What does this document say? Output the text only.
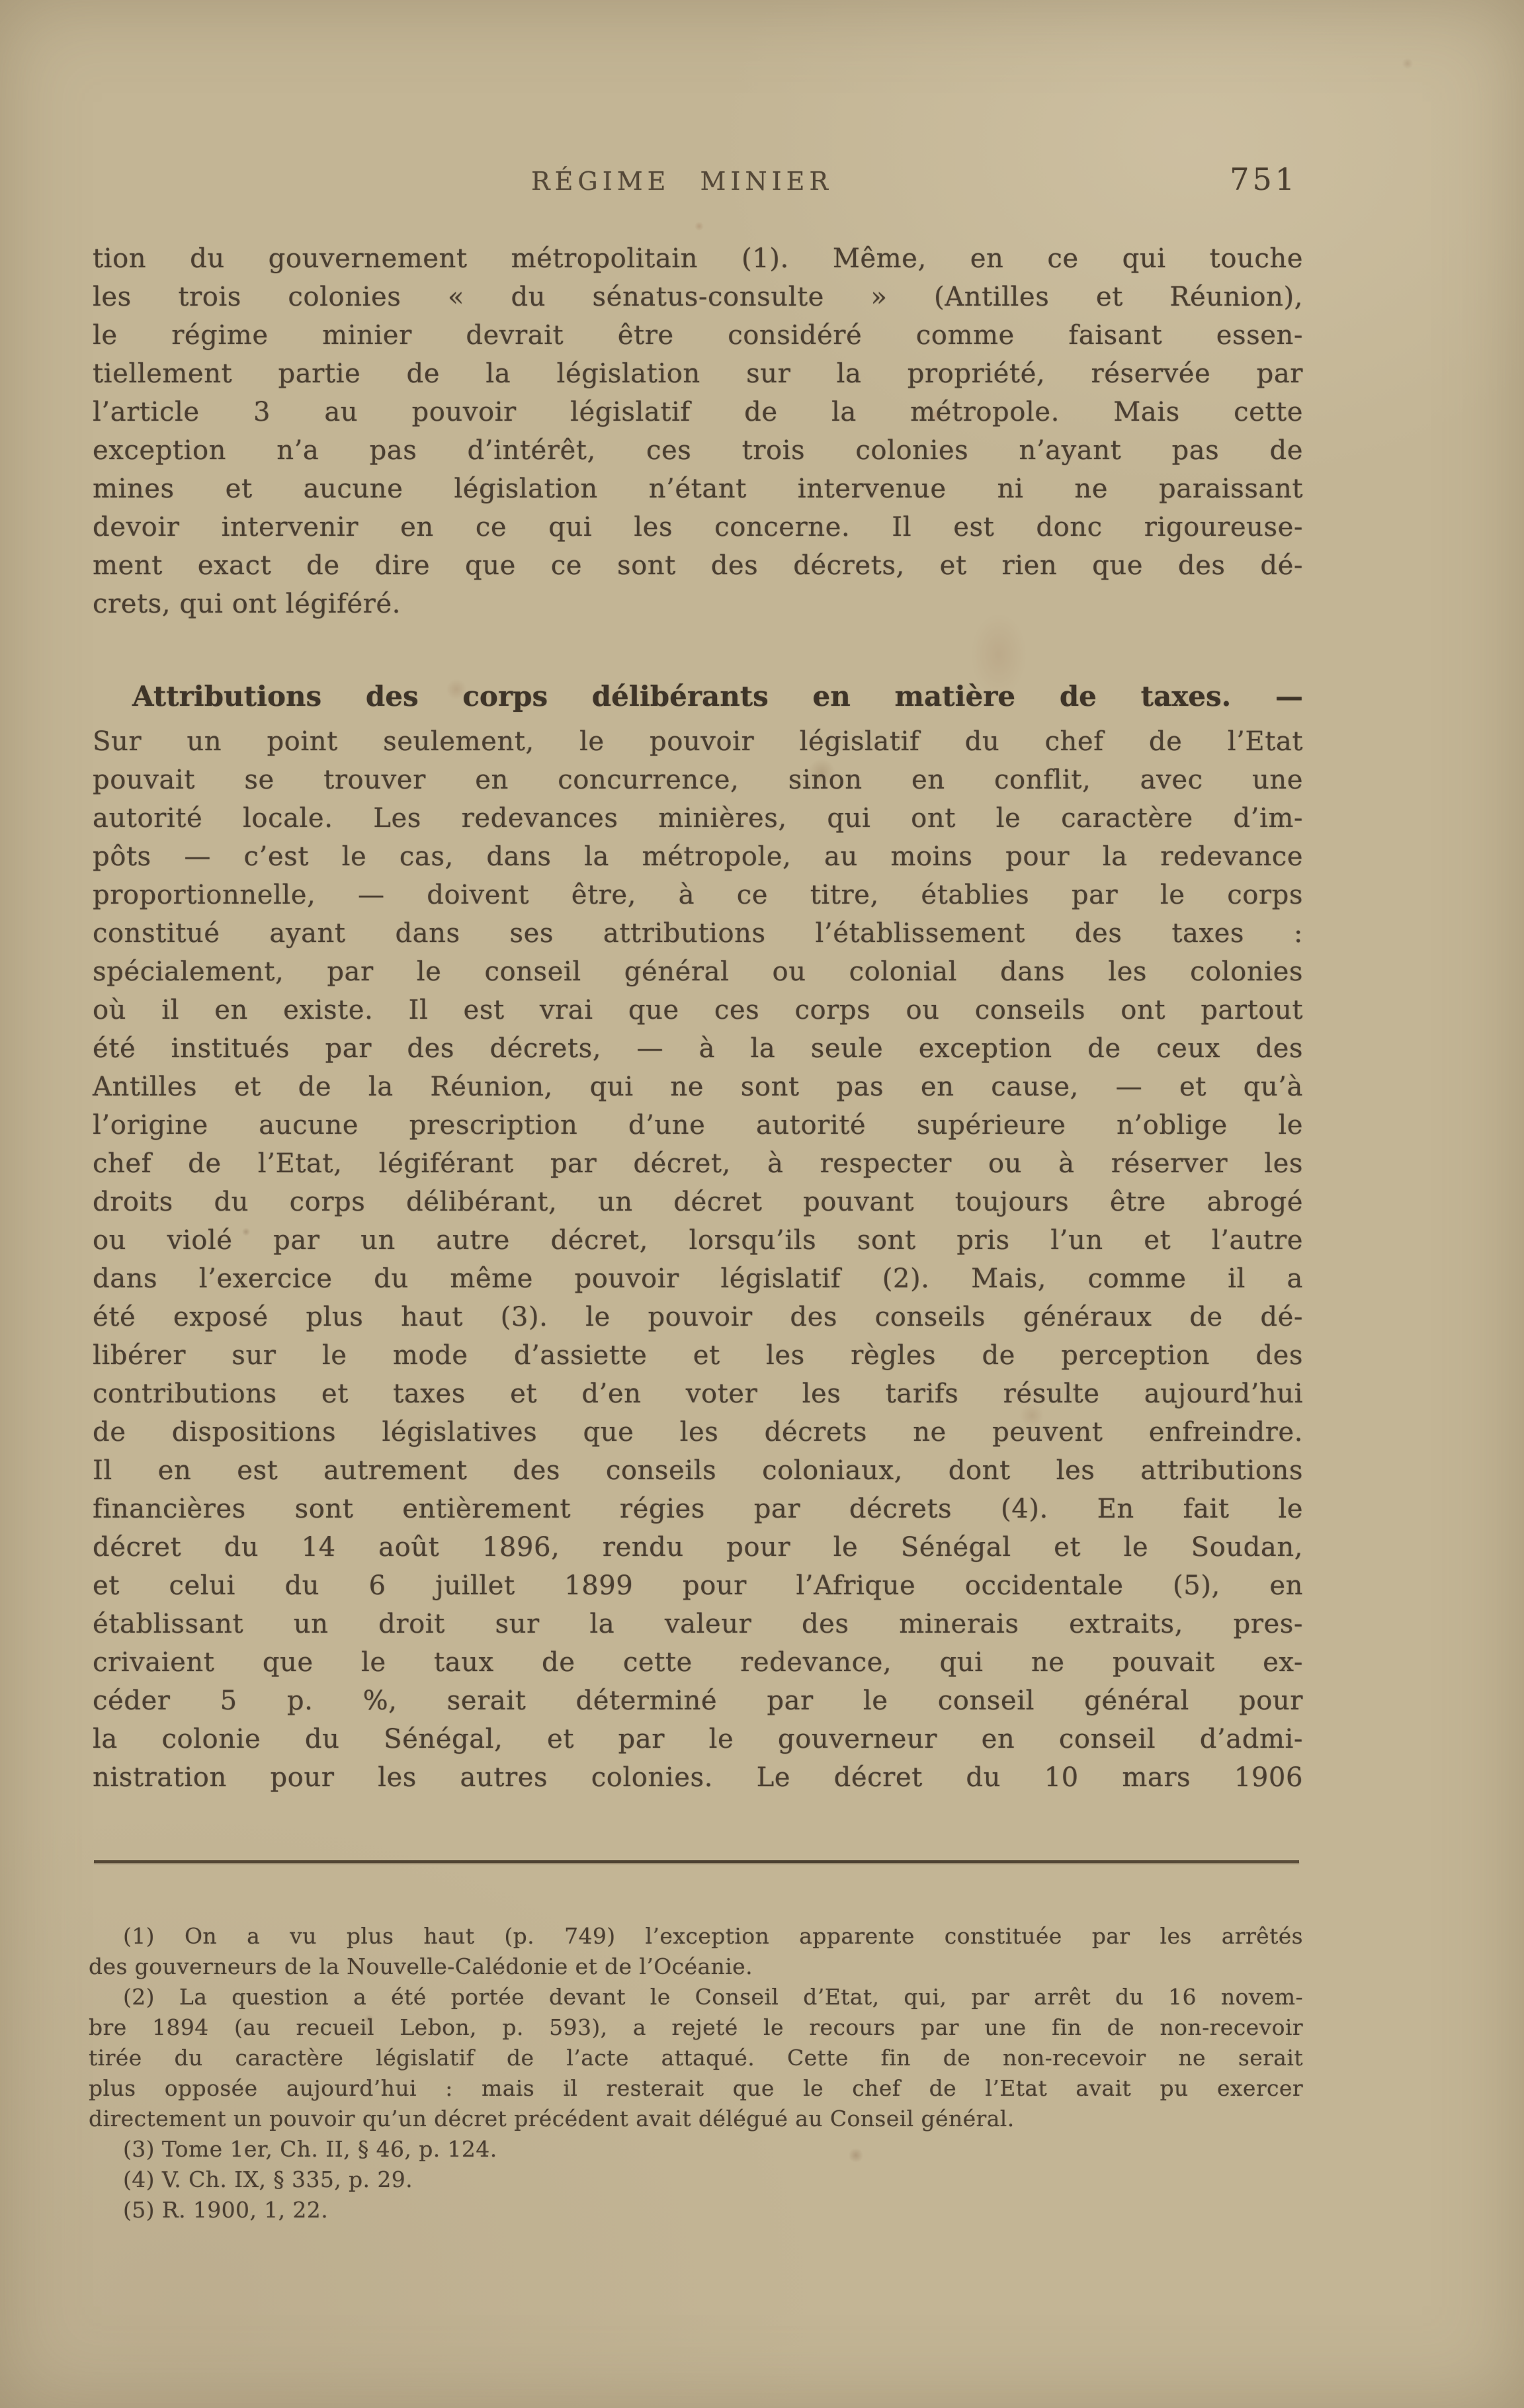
RÉGIME MINIER	751
tion du gouvernement métropolitain (1). Même, en ce qui touche
les trois colonies « du sénatus-consulte » (Antilles et Réunion),
le régime minier devrait être considéré comme faisant essen-
tiellement partie de la législation sur la propriété, réservée par
l’article 3 au pouvoir législatif de la métropole. Mais cette
exception n’a pas d’intérêt, ces trois colonies n’ayant pas de
mines et aucune législation n’étant intervenue ni ne paraissant
devoir intervenir en ce qui les concerne. Il est donc rigoureuse-
ment exact de dire que ce sont des décrets, et rien que des dé-
crets, qui ont légiféré.
Attributions des corps délibérants en matière de taxes. —
Sur un point seulement, le pouvoir législatif du chef de l’Etat
pouvait se trouver en concurrence, sinon en conflit, avec une
autorité locale. Les redevances minières, qui ont le caractère d’im-
pôts — c’est le cas, dans la métropole, au moins pour la redevance
proportionnelle, — doivent être, à ce titre, établies par le corps
constitué ayant dans ses attributions l’établissement des taxes :
spécialement, par le conseil général ou colonial dans les colonies
où il en existe. Il est vrai que ces corps ou conseils ont partout
été institués par des décrets, — à la seule exception de ceux des
Antilles et de la Réunion, qui ne sont pas en cause, — et qu’à
l’origine aucune prescription d’une autorité supérieure n’oblige le
chef de l’Etat, légiférant par décret, à respecter ou à réserver les
droits du corps délibérant, un décret pouvant toujours être abrogé
ou violé par un autre décret, lorsqu’ils sont pris l’un et l’autre
dans l’exercice du même pouvoir législatif (2). Mais, comme il a
été exposé plus haut (3). le pouvoir des conseils généraux de dé-
libérer sur le mode d’assiette et les règles de perception des
contributions et taxes et d’en voter les tarifs résulte aujourd’hui
de dispositions législatives que les décrets ne peuvent enfreindre.
Il en est autrement des conseils coloniaux, dont les attributions
financières sont entièrement régies par décrets (4). En fait le
décret du 14 août 1896, rendu pour le Sénégal et le Soudan,
et celui du 6 juillet 1899 pour l’Afrique occidentale (5), en
établissant un droit sur la valeur des minerais extraits, pres-
crivaient que le taux de cette redevance, qui ne pouvait ex-
céder 5 p. %, serait déterminé par le conseil général pour
la colonie du Sénégal, et par le gouverneur en conseil d’admi-
nistration pour les autres colonies. Le décret du 10 mars 1906
(1) On a vu plus haut (p. 749) l’exception apparente constituée par les arrêtés
des gouverneurs de la Nouvelle-Calédonie et de l’Océanie.
(2) La question a été portée devant le Conseil d’Etat, qui, par arrêt du 16 novem-
bre 1894 (au recueil Lebon, p. 593), a rejeté le recours par une fin de non-recevoir
tirée du caractère législatif de l’acte attaqué. Cette fin de non-recevoir ne serait
plus opposée aujourd’hui : mais il resterait que le chef de l’Etat avait pu exercer
directement un pouvoir qu’un décret précédent avait délégué au Conseil général.
(3) Tome 1er, Ch. II, § 46, p. 124.
(4) V. Ch. IX, § 335, p. 29.
(5) R. 1900, 1, 22.
